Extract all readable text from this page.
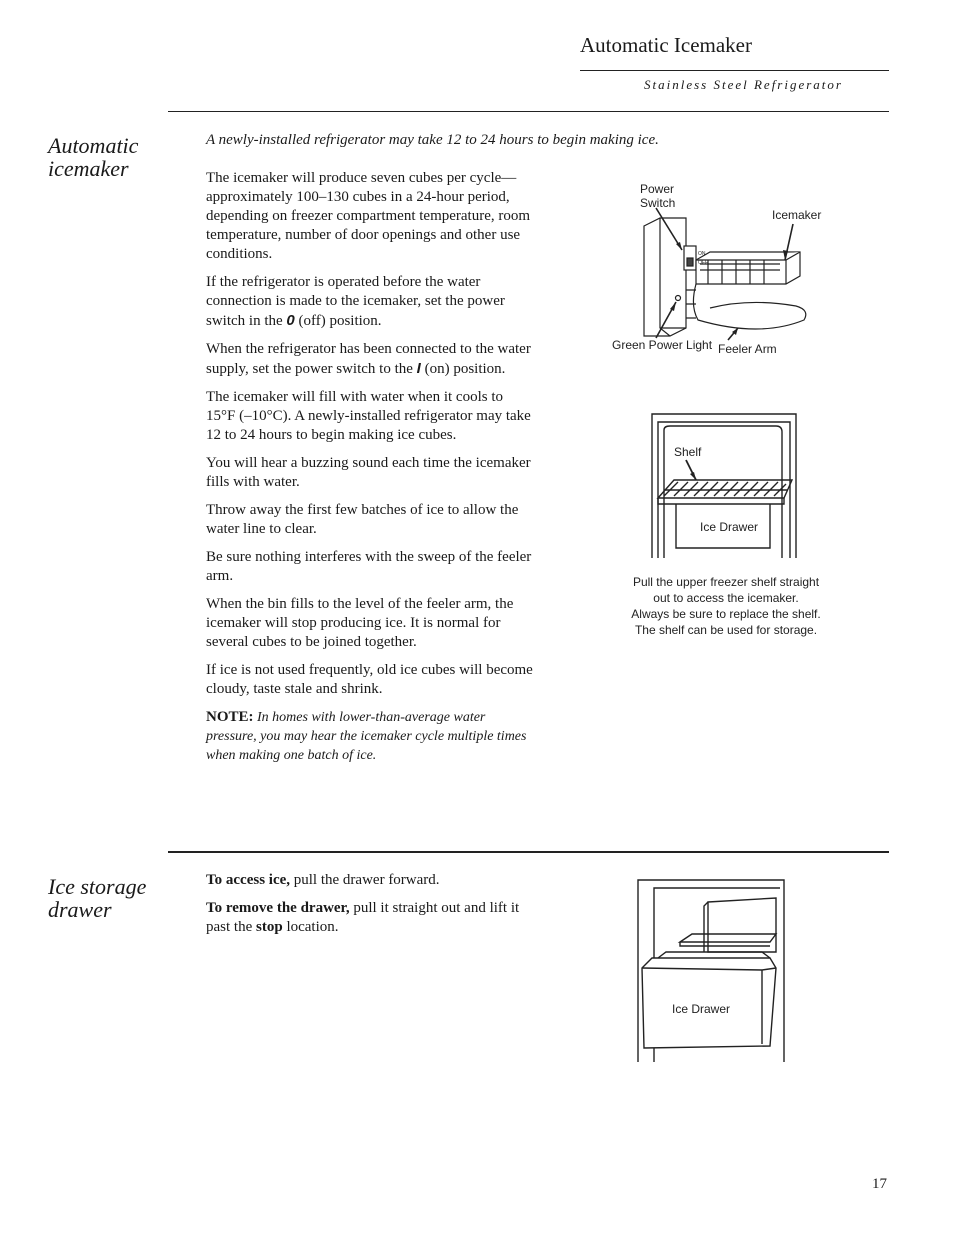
Automatic Icemaker
Stainless Steel Refrigerator
Automatic
icemaker
A newly-installed refrigerator may take 12 to 24 hours to begin making ice.

The icemaker will produce seven cubes per cycle—approximately 100–130 cubes in a 24-hour period, depending on freezer compartment temperature, room temperature, number of door openings and other use conditions.

If the refrigerator is operated before the water connection is made to the icemaker, set the power switch in the 0 (off) position.

When the refrigerator has been connected to the water supply, set the power switch to the I (on) position.

The icemaker will fill with water when it cools to 15°F (–10°C). A newly-installed refrigerator may take 12 to 24 hours to begin making ice cubes.

You will hear a buzzing sound each time the icemaker fills with water.

Throw away the first few batches of ice to allow the water line to clear.

Be sure nothing interferes with the sweep of the feeler arm.

When the bin fills to the level of the feeler arm, the icemaker will stop producing ice. It is normal for several cubes to be joined together.

If ice is not used frequently, old ice cubes will become cloudy, taste stale and shrink.

NOTE: In homes with lower-than-average water pressure, you may hear the icemaker cycle multiple times when making one batch of ice.

ON
OFF
Power
Switch
Icemaker
Green Power Light Feeler Arm
Shelf
Ice Drawer
Pull the upper freezer shelf straight
out to access the icemaker.
Always be sure to replace the shelf.
The shelf can be used for storage.
Ice storage
drawer

To access ice, pull the drawer forward.

To remove the drawer, pull it straight out and lift it past the stop location.

Ice Drawer
17
